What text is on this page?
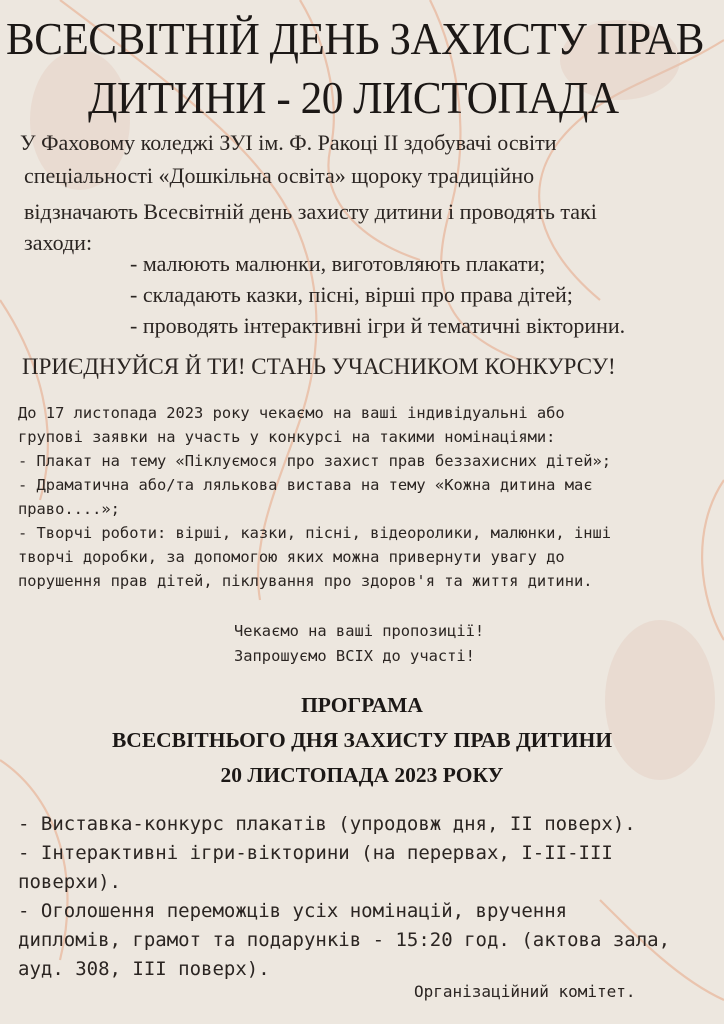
ВСЕСВІТНІЙ ДЕНЬ ЗАХИСТУ ПРАВ
ДИТИНИ - 20 ЛИСТОПАДА
У Фаховому коледжі ЗУІ ім. Ф. Ракоці ІІ здобувачі освіти
спеціальності «Дошкільна освіта» щороку традиційно
відзначають Всесвітній день захисту дитини і проводять такі
заходи:
- малюють малюнки, виготовляють плакати;
- складають казки, пісні, вірші про права дітей;
- проводять інтерактивні ігри й тематичні вікторини.
ПРИЄДНУЙСЯ Й ТИ! СТАНЬ УЧАСНИКОМ КОНКУРСУ!
До 17 листопада 2023 року чекаємо на ваші індивідуальні або
групові заявки на участь у конкурсі на такими номінаціями:
- Плакат на тему «Піклуємося про захист прав беззахисних дітей»;
- Драматична або/та лялькова вистава на тему «Кожна дитина має
право....»;
- Творчі роботи: вірші, казки, пісні, відеоролики, малюнки, інші
творчі доробки, за допомогою яких можна привернути увагу до
порушення прав дітей, піклування про здоров'я та життя дитини.
Чекаємо на ваші пропозиції!
Запрошуємо ВСІХ до участі!
ПРОГРАМА
ВСЕСВІТНЬОГО ДНЯ ЗАХИСТУ ПРАВ ДИТИНИ
20 ЛИСТОПАДА 2023 РОКУ
- Виставка-конкурс плакатів (упродовж дня, ІІ поверх).
- Інтерактивні ігри-вікторини (на перервах, І-ІІ-ІІІ
поверхи).
- Оголошення переможців усіх номінацій, вручення
дипломів, грамот та подарунків - 15:20 год. (актова зала,
ауд. 308, ІІІ поверх).
Організаційний комітет.
